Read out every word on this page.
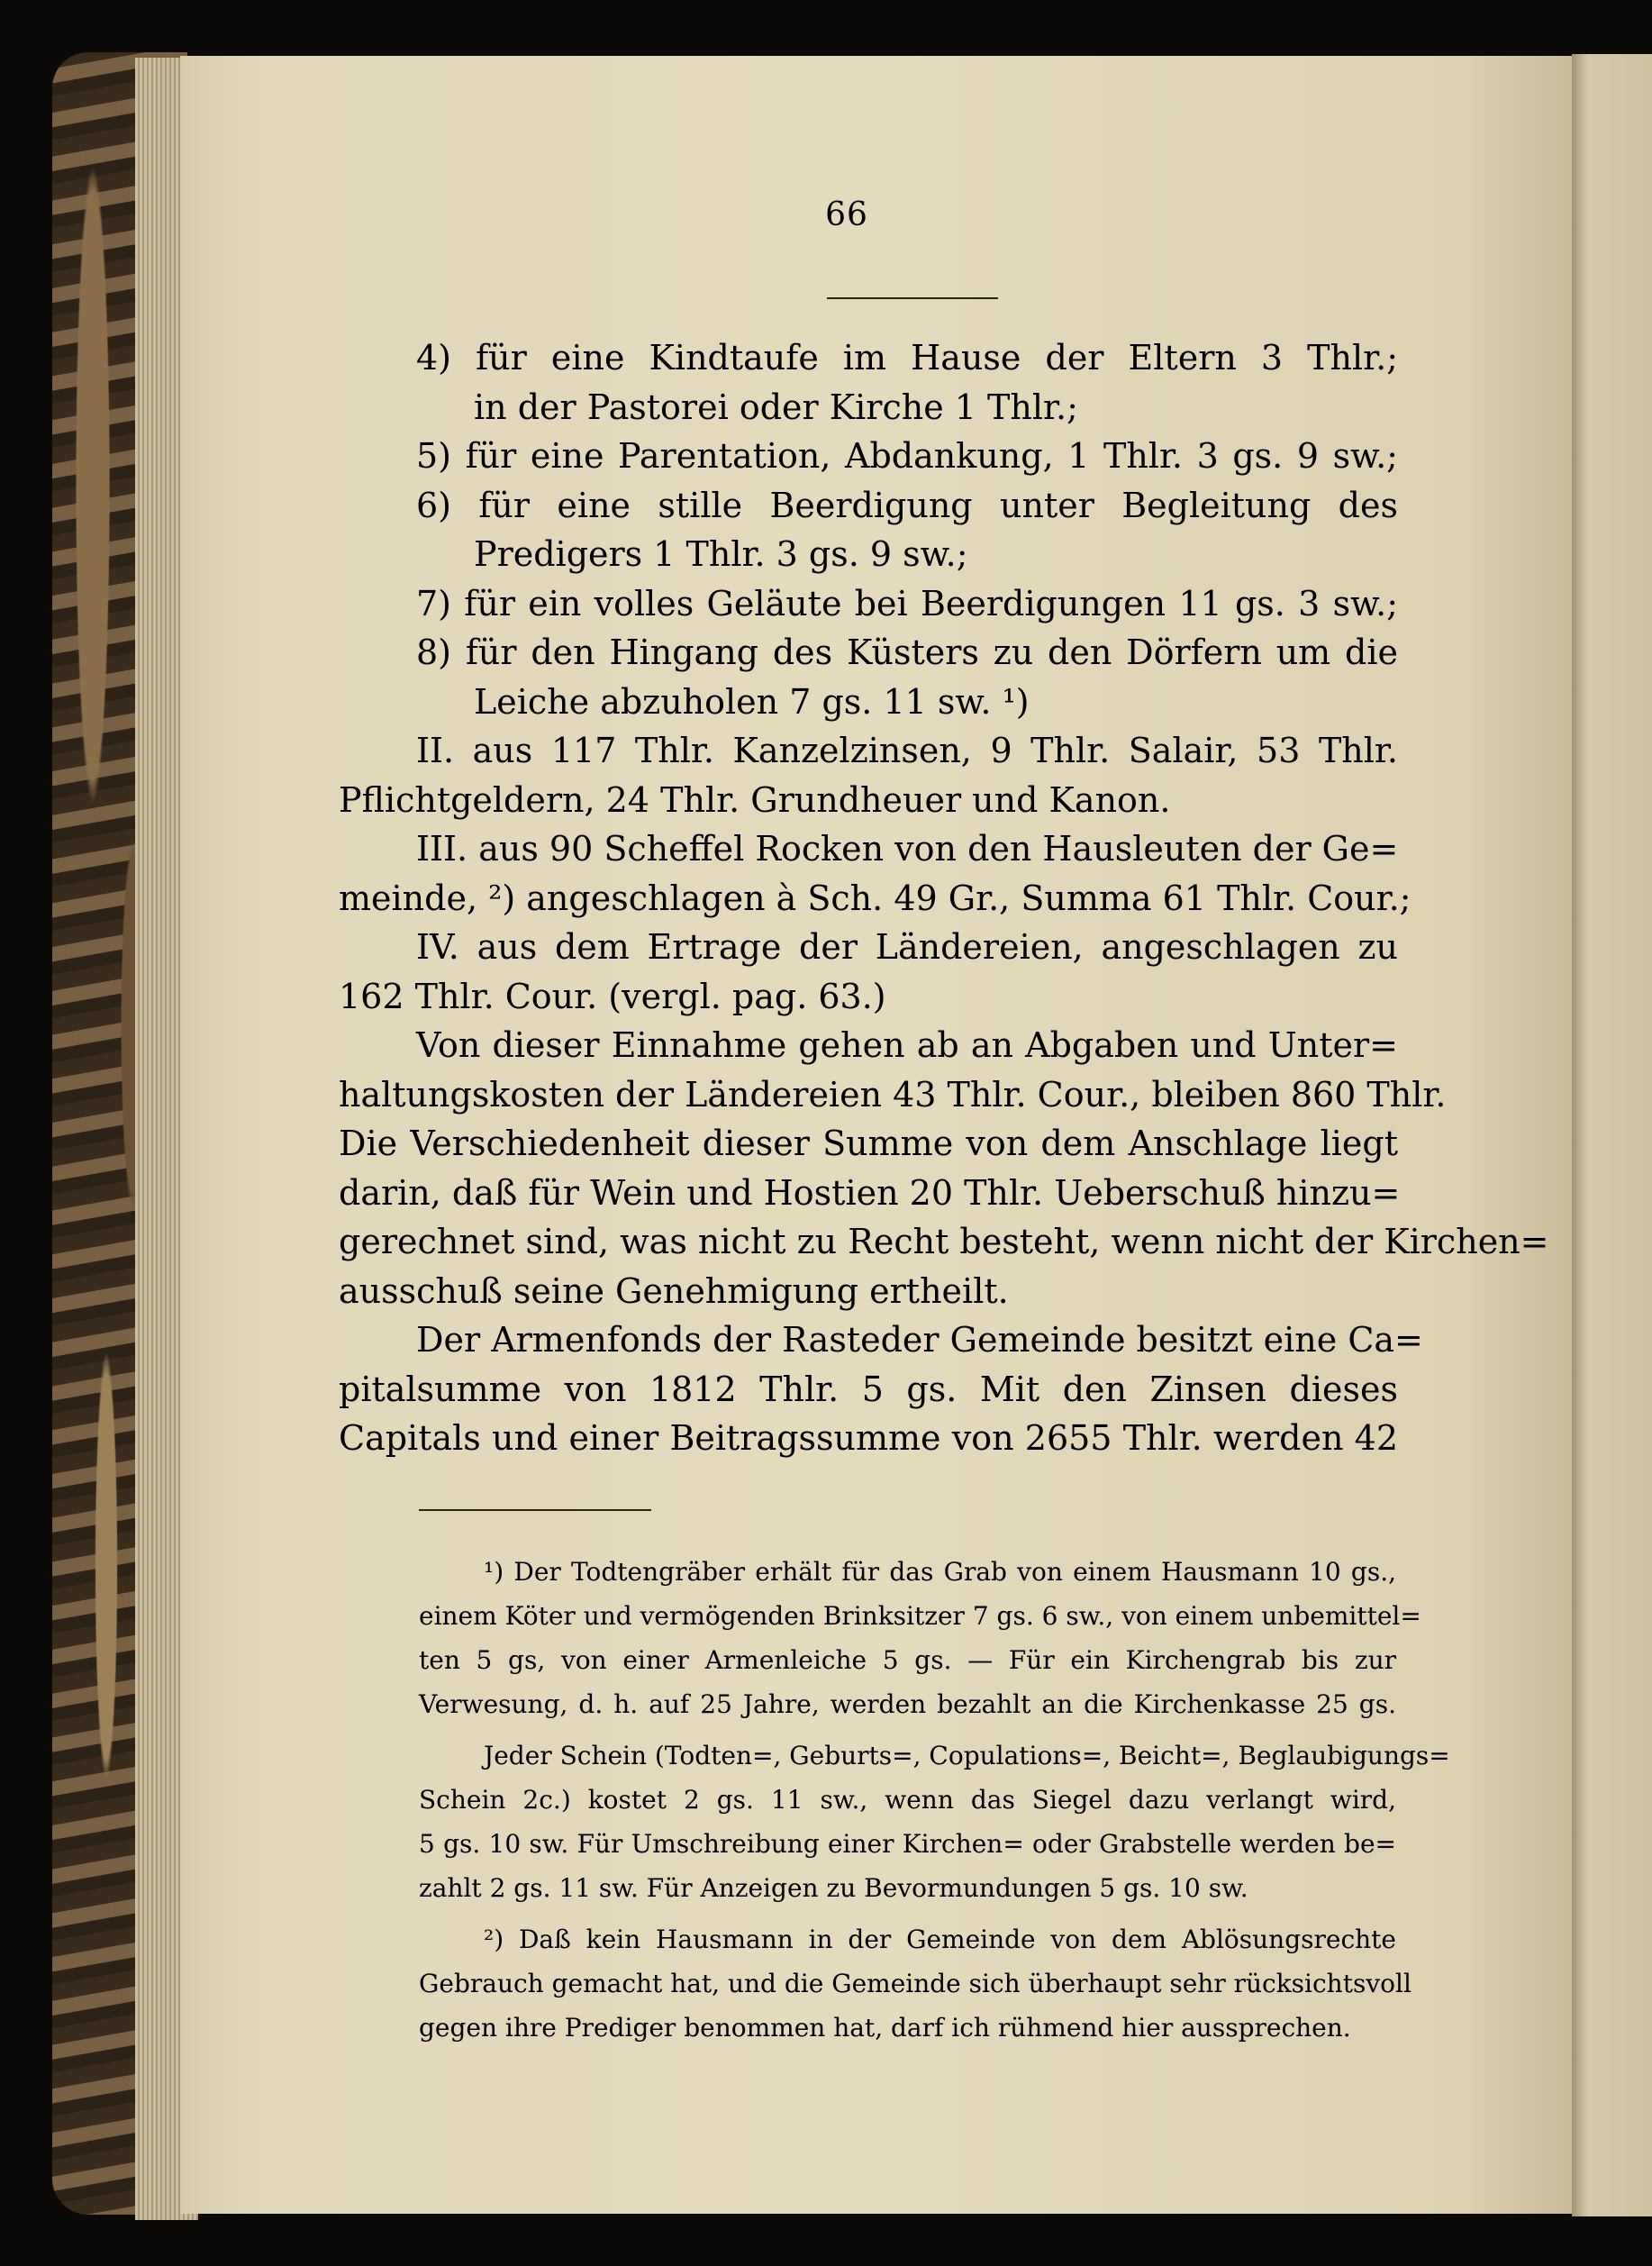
66
4) für eine Kindtaufe im Hause der Eltern 3 Thlr.;
in der Pastorei oder Kirche 1 Thlr.;
5) für eine Parentation, Abdankung, 1 Thlr. 3 gs. 9 sw.;
6) für eine stille Beerdigung unter Begleitung des
Predigers 1 Thlr. 3 gs. 9 sw.;
7) für ein volles Geläute bei Beerdigungen 11 gs. 3 sw.;
8) für den Hingang des Küsters zu den Dörfern um die
Leiche abzuholen 7 gs. 11 sw. ¹)
II. aus 117 Thlr. Kanzelzinsen, 9 Thlr. Salair, 53 Thlr.
Pflichtgeldern, 24 Thlr. Grundheuer und Kanon.
III. aus 90 Scheffel Rocken von den Hausleuten der Ge=
meinde, ²) angeschlagen à Sch. 49 Gr., Summa 61 Thlr. Cour.;
IV. aus dem Ertrage der Ländereien, angeschlagen zu
162 Thlr. Cour. (vergl. pag. 63.)
Von dieser Einnahme gehen ab an Abgaben und Unter=
haltungskosten der Ländereien 43 Thlr. Cour., bleiben 860 Thlr.
Die Verschiedenheit dieser Summe von dem Anschlage liegt
darin, daß für Wein und Hostien 20 Thlr. Ueberschuß hinzu=
gerechnet sind, was nicht zu Recht besteht, wenn nicht der Kirchen=
ausschuß seine Genehmigung ertheilt.
Der Armenfonds der Rasteder Gemeinde besitzt eine Ca=
pitalsumme von 1812 Thlr. 5 gs. Mit den Zinsen dieses
Capitals und einer Beitragssumme von 2655 Thlr. werden 42
¹) Der Todtengräber erhält für das Grab von einem Hausmann 10 gs.,
einem Köter und vermögenden Brinksitzer 7 gs. 6 sw., von einem unbemittel=
ten 5 gs, von einer Armenleiche 5 gs. — Für ein Kirchengrab bis zur
Verwesung, d. h. auf 25 Jahre, werden bezahlt an die Kirchenkasse 25 gs.
Jeder Schein (Todten=, Geburts=, Copulations=, Beicht=, Beglaubigungs=
Schein 2c.) kostet 2 gs. 11 sw., wenn das Siegel dazu verlangt wird,
5 gs. 10 sw. Für Umschreibung einer Kirchen= oder Grabstelle werden be=
zahlt 2 gs. 11 sw. Für Anzeigen zu Bevormundungen 5 gs. 10 sw.
²) Daß kein Hausmann in der Gemeinde von dem Ablösungsrechte
Gebrauch gemacht hat, und die Gemeinde sich überhaupt sehr rücksichtsvoll
gegen ihre Prediger benommen hat, darf ich rühmend hier aussprechen.
